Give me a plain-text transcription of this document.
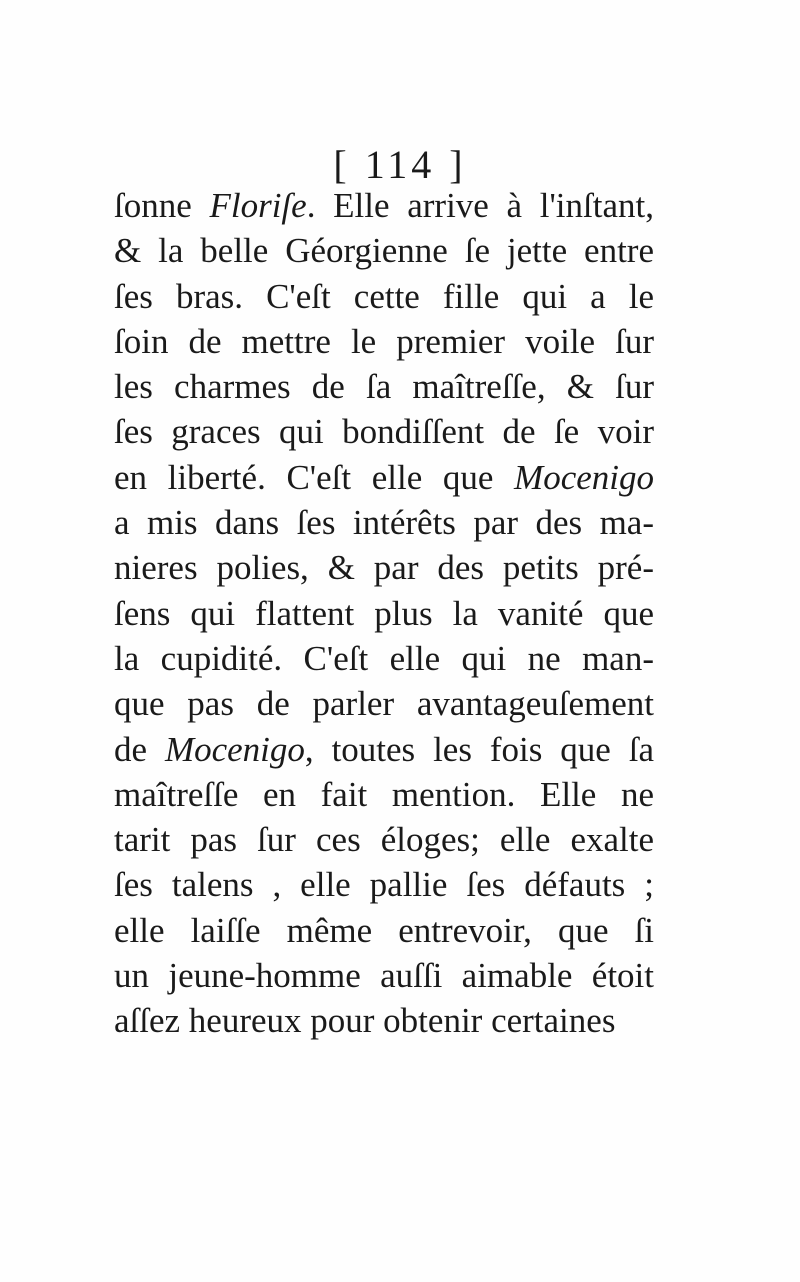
[ 114 ]
ſonne Floriſe. Elle arrive à l'inſtant,
& la belle Géorgienne ſe jette entre
ſes bras. C'eſt cette fille qui a le
ſoin de mettre le premier voile ſur
les charmes de ſa maîtreſſe, & ſur
ſes graces qui bondiſſent de ſe voir
en liberté. C'eſt elle que Mocenigo
a mis dans ſes intérêts par des ma-
nieres polies, & par des petits pré-
ſens qui flattent plus la vanité que
la cupidité. C'eſt elle qui ne man-
que pas de parler avantageuſement
de Mocenigo, toutes les fois que ſa
maîtreſſe en fait mention. Elle ne
tarit pas ſur ces éloges; elle exalte
ſes talens , elle pallie ſes défauts ;
elle laiſſe même entrevoir, que ſi
un jeune-homme auſſi aimable étoit
aſſez heureux pour obtenir certaines
